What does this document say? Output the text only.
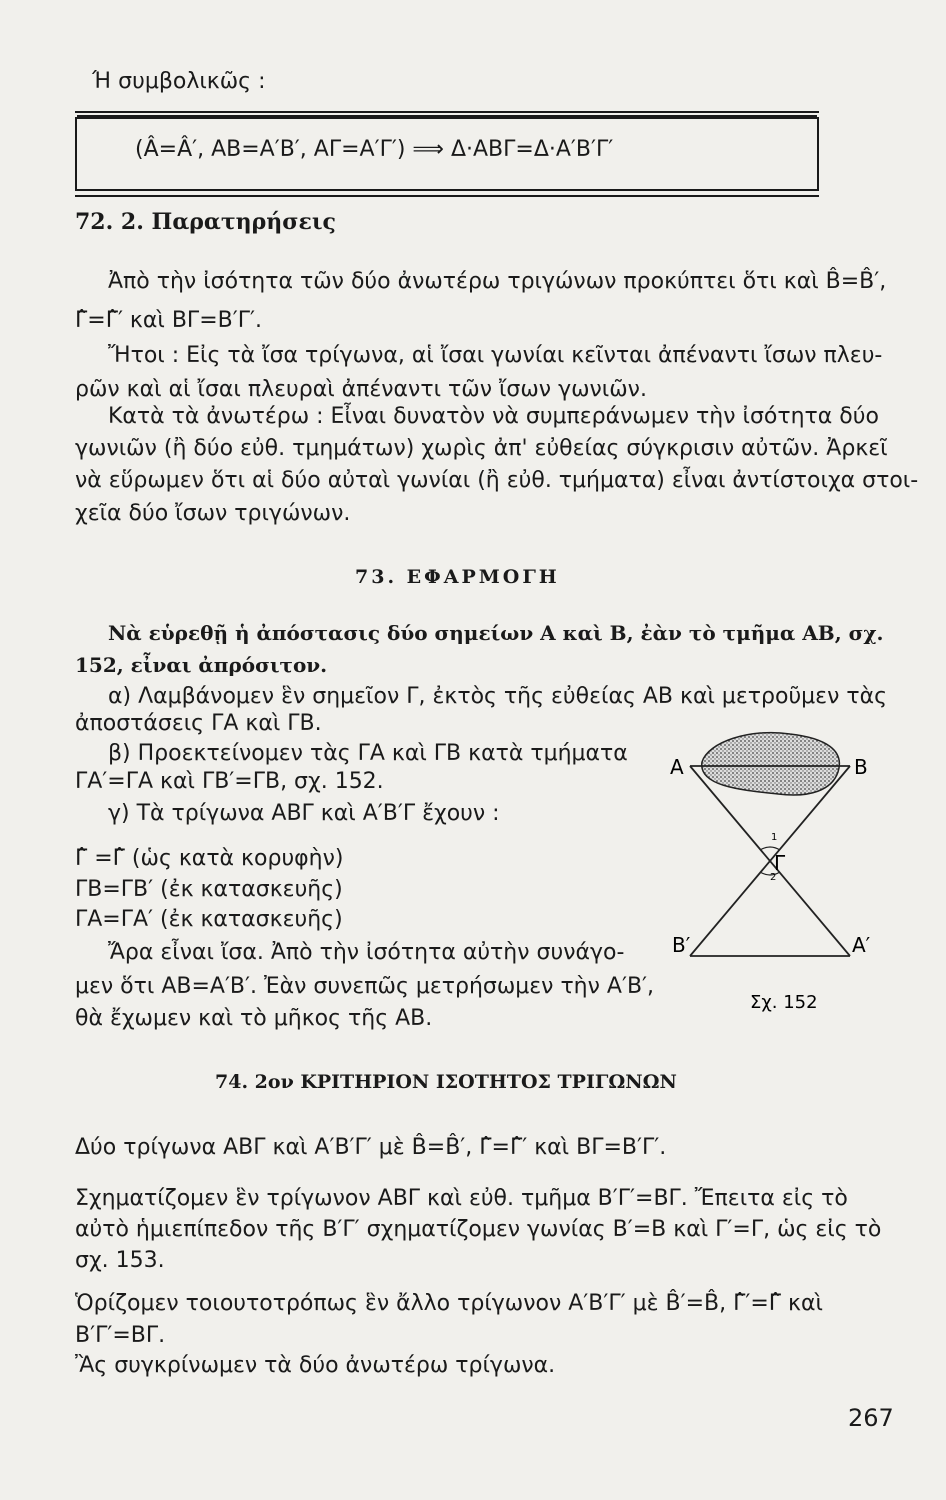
Ή συμβολικῶς :
(Â=Â′, ΑΒ=Α′Β′, ΑΓ=Α′Γ′) ⟹ Δ·ΑΒΓ=Δ·Α′Β′Γ′
72. 2. Παρατηρήσεις
Ἀπὸ τὴν ἰσότητα τῶν δύο ἀνωτέρω τριγώνων προκύπτει ὅτι καὶ B̂=B̂′,
Γ̂=Γ̂′ καὶ ΒΓ=Β′Γ′.
Ἤτοι : Εἰς τὰ ἴσα τρίγωνα, αἱ ἴσαι γωνίαι κεῖνται ἀπέναντι ἴσων πλευ-
ρῶν καὶ αἱ ἴσαι πλευραὶ ἀπέναντι τῶν ἴσων γωνιῶν.
Κατὰ τὰ ἀνωτέρω : Εἶναι δυνατὸν νὰ συμπεράνωμεν τὴν ἰσότητα δύο
γωνιῶν (ἢ δύο εὐθ. τμημάτων) χωρὶς ἀπ' εὐθείας σύγκρισιν αὐτῶν. Ἀρκεῖ
νὰ εὕρωμεν ὅτι αἱ δύο αὐταὶ γωνίαι (ἢ εὐθ. τμήματα) εἶναι ἀντίστοιχα στοι-
χεῖα δύο ἴσων τριγώνων.
73. ΕΦΑΡΜΟΓΗ
Νὰ εὑρεθῇ ἡ ἀπόστασις δύο σημείων Α καὶ Β, ἐὰν τὸ τμῆμα ΑΒ, σχ.
152, εἶναι ἀπρόσιτον.
α) Λαμβάνομεν ἓν σημεῖον Γ, ἐκτὸς τῆς εὐθείας ΑΒ καὶ μετροῦμεν τὰς
ἀποστάσεις ΓΑ καὶ ΓΒ.
β) Προεκτείνομεν τὰς ΓΑ καὶ ΓΒ κατὰ τμήματα
ΓΑ′=ΓΑ καὶ ΓΒ′=ΓΒ, σχ. 152.
γ) Τὰ τρίγωνα ΑΒΓ καὶ Α′Β′Γ ἔχουν :
Γ̂ =Γ̂ (ὡς κατὰ κορυφὴν)
ΓΒ=ΓΒ′ (ἐκ κατασκευῆς)
ΓΑ=ΓΑ′ (ἐκ κατασκευῆς)
Ἄρα εἶναι ἴσα. Ἀπὸ τὴν ἰσότητα αὐτὴν συνάγο-
μεν ὅτι ΑΒ=Α′Β′. Ἐὰν συνεπῶς μετρήσωμεν τὴν Α′Β′,
θὰ ἔχωμεν καὶ τὸ μῆκος τῆς ΑΒ.
Α	Β
Γ
Β′	Α′
1
2
Σχ. 152
74. 2ον ΚΡΙΤΗΡΙΟΝ ΙΣΟΤΗΤΟΣ ΤΡΙΓΩΝΩΝ
Δύο τρίγωνα ΑΒΓ καὶ Α′Β′Γ′ μὲ B̂=B̂′, Γ̂=Γ̂′ καὶ ΒΓ=Β′Γ′.
Σχηματίζομεν ἓν τρίγωνον ΑΒΓ καὶ εὐθ. τμῆμα Β′Γ′=ΒΓ. Ἔπειτα εἰς τὸ
αὐτὸ ἡμιεπίπεδον τῆς Β′Γ′ σχηματίζομεν γωνίας Β′=Β καὶ Γ′=Γ, ὡς εἰς τὸ
σχ. 153.
Ὁρίζομεν τοιουτοτρόπως ἓν ἄλλο τρίγωνον Α′Β′Γ′ μὲ B̂′=B̂, Γ̂′=Γ̂ καὶ
Β′Γ′=ΒΓ.
Ἂς συγκρίνωμεν τὰ δύο ἀνωτέρω τρίγωνα.
267
